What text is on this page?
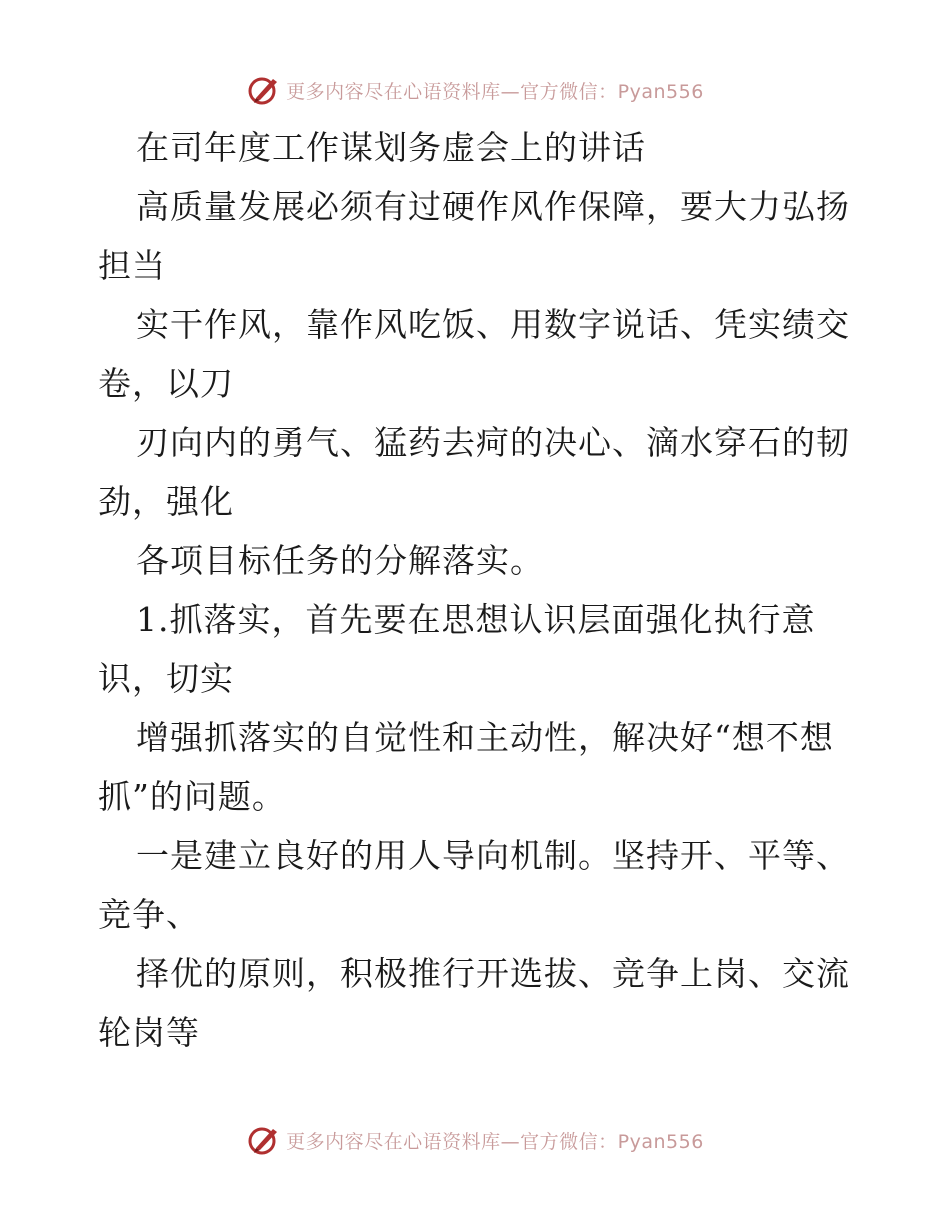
更多内容尽在心语资料库—官方微信：Pyan556
在司年度工作谋划务虚会上的讲话
高质量发展必须有过硬作风作保障，要大力弘扬
担当
实干作风，靠作风吃饭、用数字说话、凭实绩交
卷，以刀
刃向内的勇气、猛药去疴的决心、滴水穿石的韧
劲，强化
各项目标任务的分解落实。
1.抓落实，首先要在思想认识层面强化执行意
识，切实
增强抓落实的自觉性和主动性，解决好“想不想
抓”的问题。
一是建立良好的用人导向机制。坚持开、平等、
竞争、
择优的原则，积极推行开选拔、竞争上岗、交流
轮岗等
更多内容尽在心语资料库—官方微信：Pyan556
